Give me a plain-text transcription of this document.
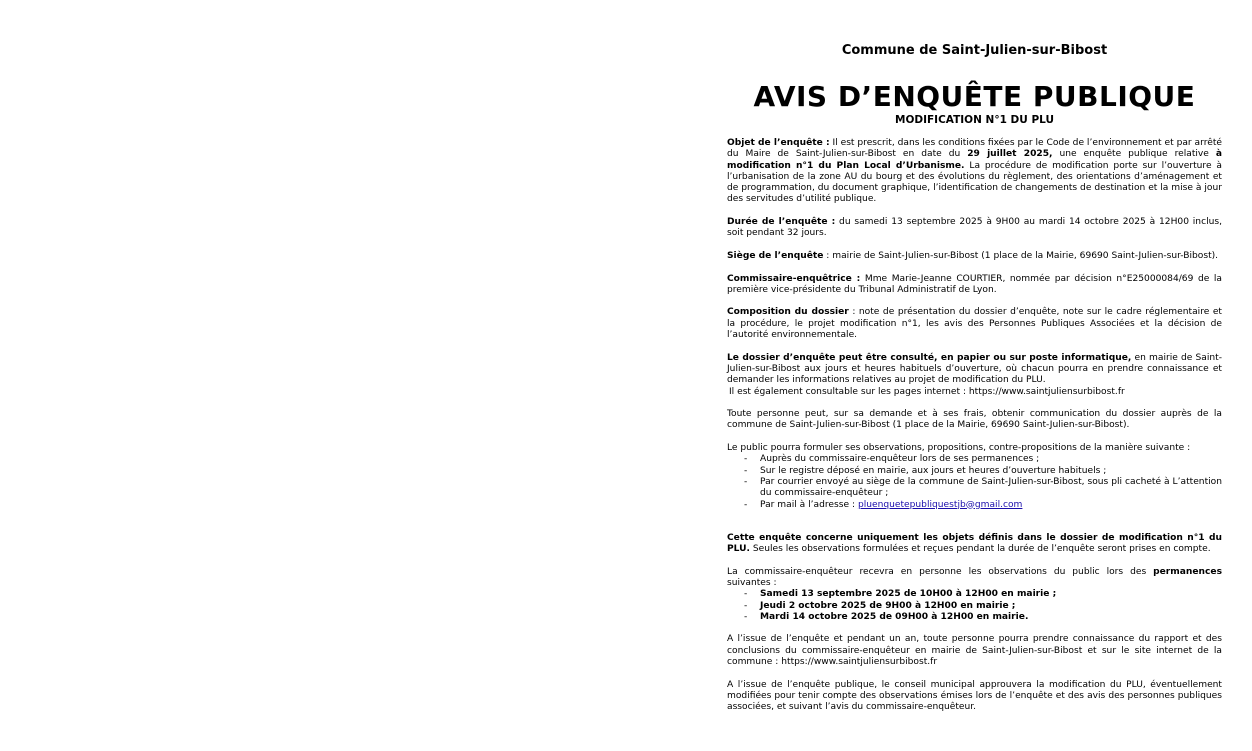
Commune de Saint-Julien-sur-Bibost
AVIS D’ENQUÊTE PUBLIQUE
MODIFICATION N°1 DU PLU

Objet de l’enquête : Il est prescrit, dans les conditions fixées par le Code de l’environnement et par arrêté du Maire de Saint-Julien-sur-Bibost en date du 29 juillet 2025, une enquête publique relative à modification n°1 du Plan Local d’Urbanisme. La procédure de modification porte sur l’ouverture à l’urbanisation de la zone AU du bourg et des évolutions du règlement, des orientations d’aménagement et de programmation, du document graphique, l’identification de changements de destination et la mise à jour des servitudes d’utilité publique.

Durée de l’enquête : du samedi 13 septembre 2025 à 9H00 au mardi 14 octobre 2025 à 12H00 inclus, soit pendant 32 jours.

Siège de l’enquête : mairie de Saint-Julien-sur-Bibost (1 place de la Mairie, 69690 Saint-Julien-sur-Bibost).

Commissaire-enquêtrice : Mme Marie-Jeanne COURTIER, nommée par décision n°E25000084/69 de la première vice-présidente du Tribunal Administratif de Lyon.

Composition du dossier : note de présentation du dossier d’enquête, note sur le cadre réglementaire et la procédure, le projet modification n°1, les avis des Personnes Publiques Associées et la décision de l’autorité environnementale.

Le dossier d’enquête peut être consulté, en papier ou sur poste informatique, en mairie de Saint-Julien-sur-Bibost aux jours et heures habituels d’ouverture, où chacun pourra en prendre connaissance et demander les informations relatives au projet de modification du PLU.
Il est également consultable sur les pages internet : https://www.saintjuliensurbibost.fr

Toute personne peut, sur sa demande et à ses frais, obtenir communication du dossier auprès de la commune de Saint-Julien-sur-Bibost (1 place de la Mairie, 69690 Saint-Julien-sur-Bibost).

Le public pourra formuler ses observations, propositions, contre-propositions de la manière suivante :
- Auprès du commissaire-enquêteur lors de ses permanences ;
- Sur le registre déposé en mairie, aux jours et heures d’ouverture habituels ;
- Par courrier envoyé au siège de la commune de Saint-Julien-sur-Bibost, sous pli cacheté à L’attention du commissaire-enquêteur ;
- Par mail à l’adresse : pluenquetepubliquestjb@gmail.com

Cette enquête concerne uniquement les objets définis dans le dossier de modification n°1 du PLU. Seules les observations formulées et reçues pendant la durée de l’enquête seront prises en compte.

La commissaire-enquêteur recevra en personne les observations du public lors des permanences suivantes :
- Samedi 13 septembre 2025 de 10H00 à 12H00 en mairie ;
- Jeudi 2 octobre 2025 de 9H00 à 12H00 en mairie ;
- Mardi 14 octobre 2025 de 09H00 à 12H00 en mairie.

A l’issue de l’enquête et pendant un an, toute personne pourra prendre connaissance du rapport et des conclusions du commissaire-enquêteur en mairie de Saint-Julien-sur-Bibost et sur le site internet de la commune : https://www.saintjuliensurbibost.fr

A l’issue de l’enquête publique, le conseil municipal approuvera la modification du PLU, éventuellement modifiées pour tenir compte des observations émises lors de l’enquête et des avis des personnes publiques associées, et suivant l’avis du commissaire-enquêteur.
